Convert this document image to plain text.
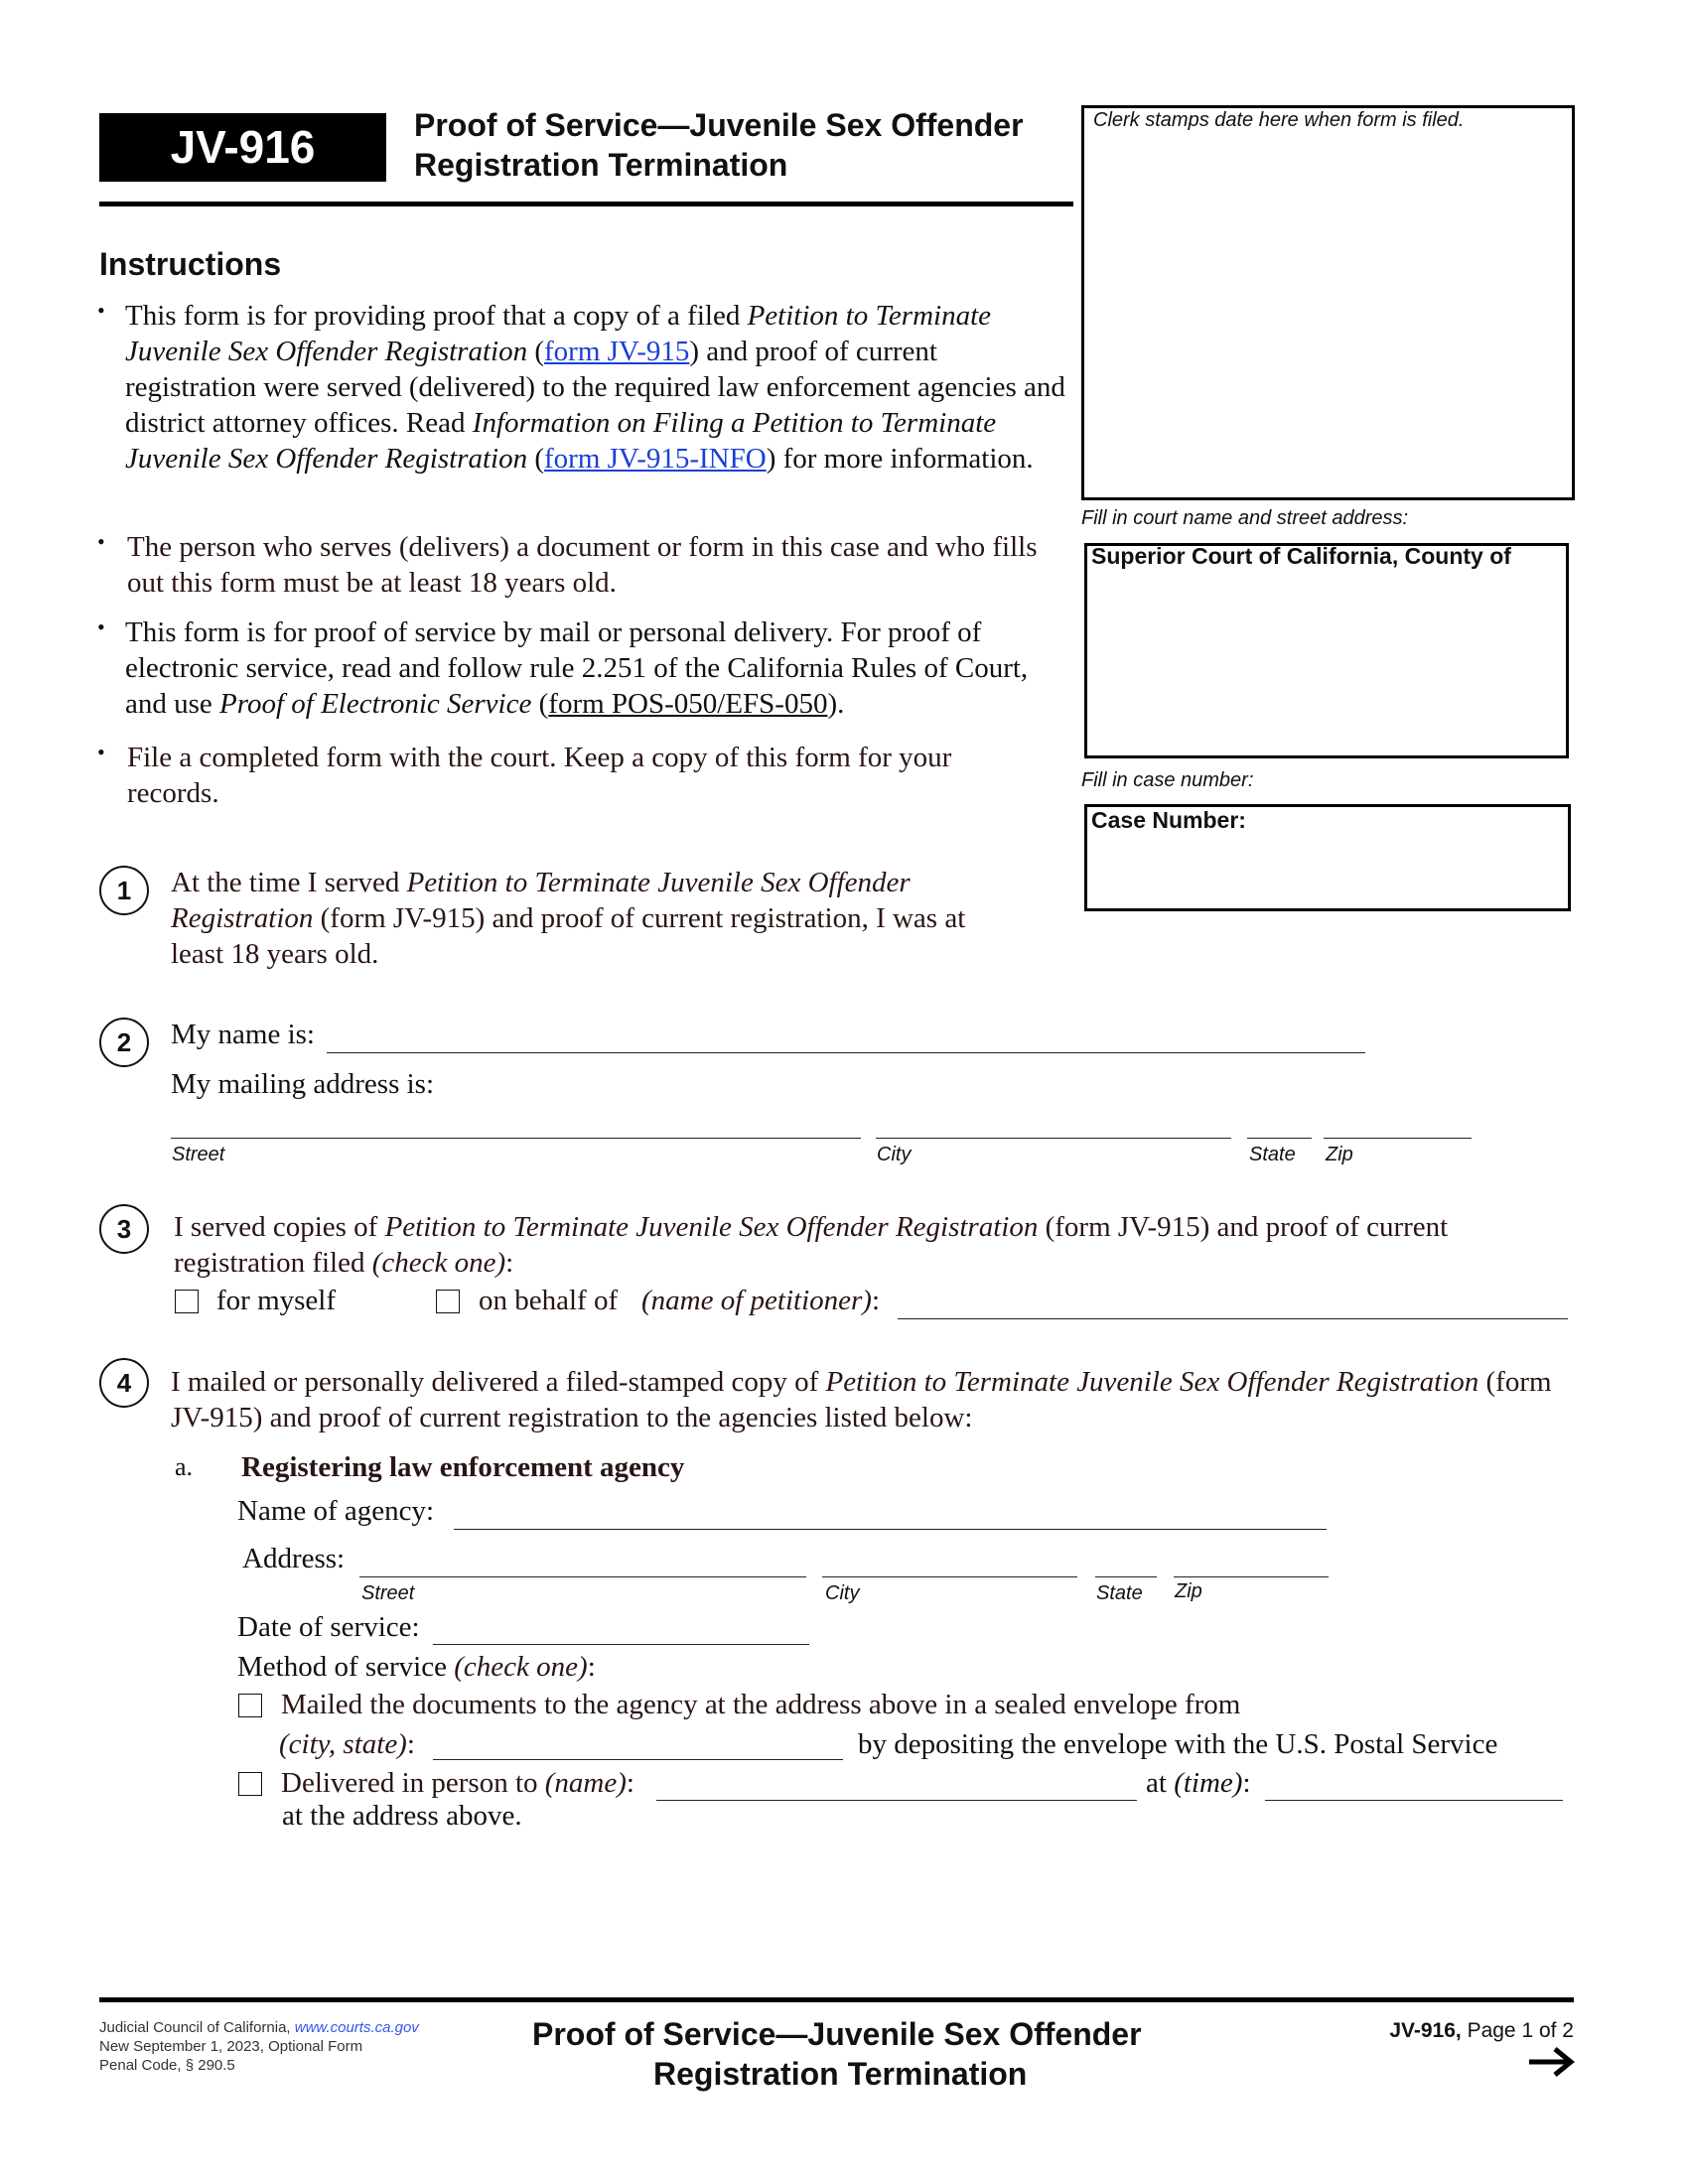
JV-916	Proof of Service—Juvenile Sex Offender
Registration Termination
Clerk stamps date here when form is filed.
Fill in court name and street address:
Superior Court of California, County of
Fill in case number:
Case Number:
Instructions
• This form is for providing proof that a copy of a filed Petition to Terminate Juvenile Sex Offender Registration (form JV-915) and proof of current registration were served (delivered) to the required law enforcement agencies and district attorney offices. Read Information on Filing a Petition to Terminate Juvenile Sex Offender Registration (form JV-915-INFO) for more information.
• The person who serves (delivers) a document or form in this case and who fills out this form must be at least 18 years old.
• This form is for proof of service by mail or personal delivery. For proof of electronic service, read and follow rule 2.251 of the California Rules of Court, and use Proof of Electronic Service (form POS-050/EFS-050).
• File a completed form with the court. Keep a copy of this form for your records.
1	At the time I served Petition to Terminate Juvenile Sex Offender Registration (form JV-915) and proof of current registration, I was at least 18 years old.
2	My name is:
My mailing address is:
Street	City	State Zip
3	I served copies of Petition to Terminate Juvenile Sex Offender Registration (form JV-915) and proof of current registration filed (check one):
for myself	on behalf of (name of petitioner):
4	I mailed or personally delivered a filed-stamped copy of Petition to Terminate Juvenile Sex Offender Registration (form JV-915) and proof of current registration to the agencies listed below:
a. Registering law enforcement agency
Name of agency:
Address:
Street	City	State Zip
Date of service:
Method of service (check one):
Mailed the documents to the agency at the address above in a sealed envelope from
(city, state):	by depositing the envelope with the U.S. Postal Service
Delivered in person to (name):	at (time):
at the address above.
Judicial Council of California, www.courts.ca.gov
New September 1, 2023, Optional Form
Penal Code, § 290.5
Proof of Service—Juvenile Sex Offender
Registration Termination
JV-916, Page 1 of 2
